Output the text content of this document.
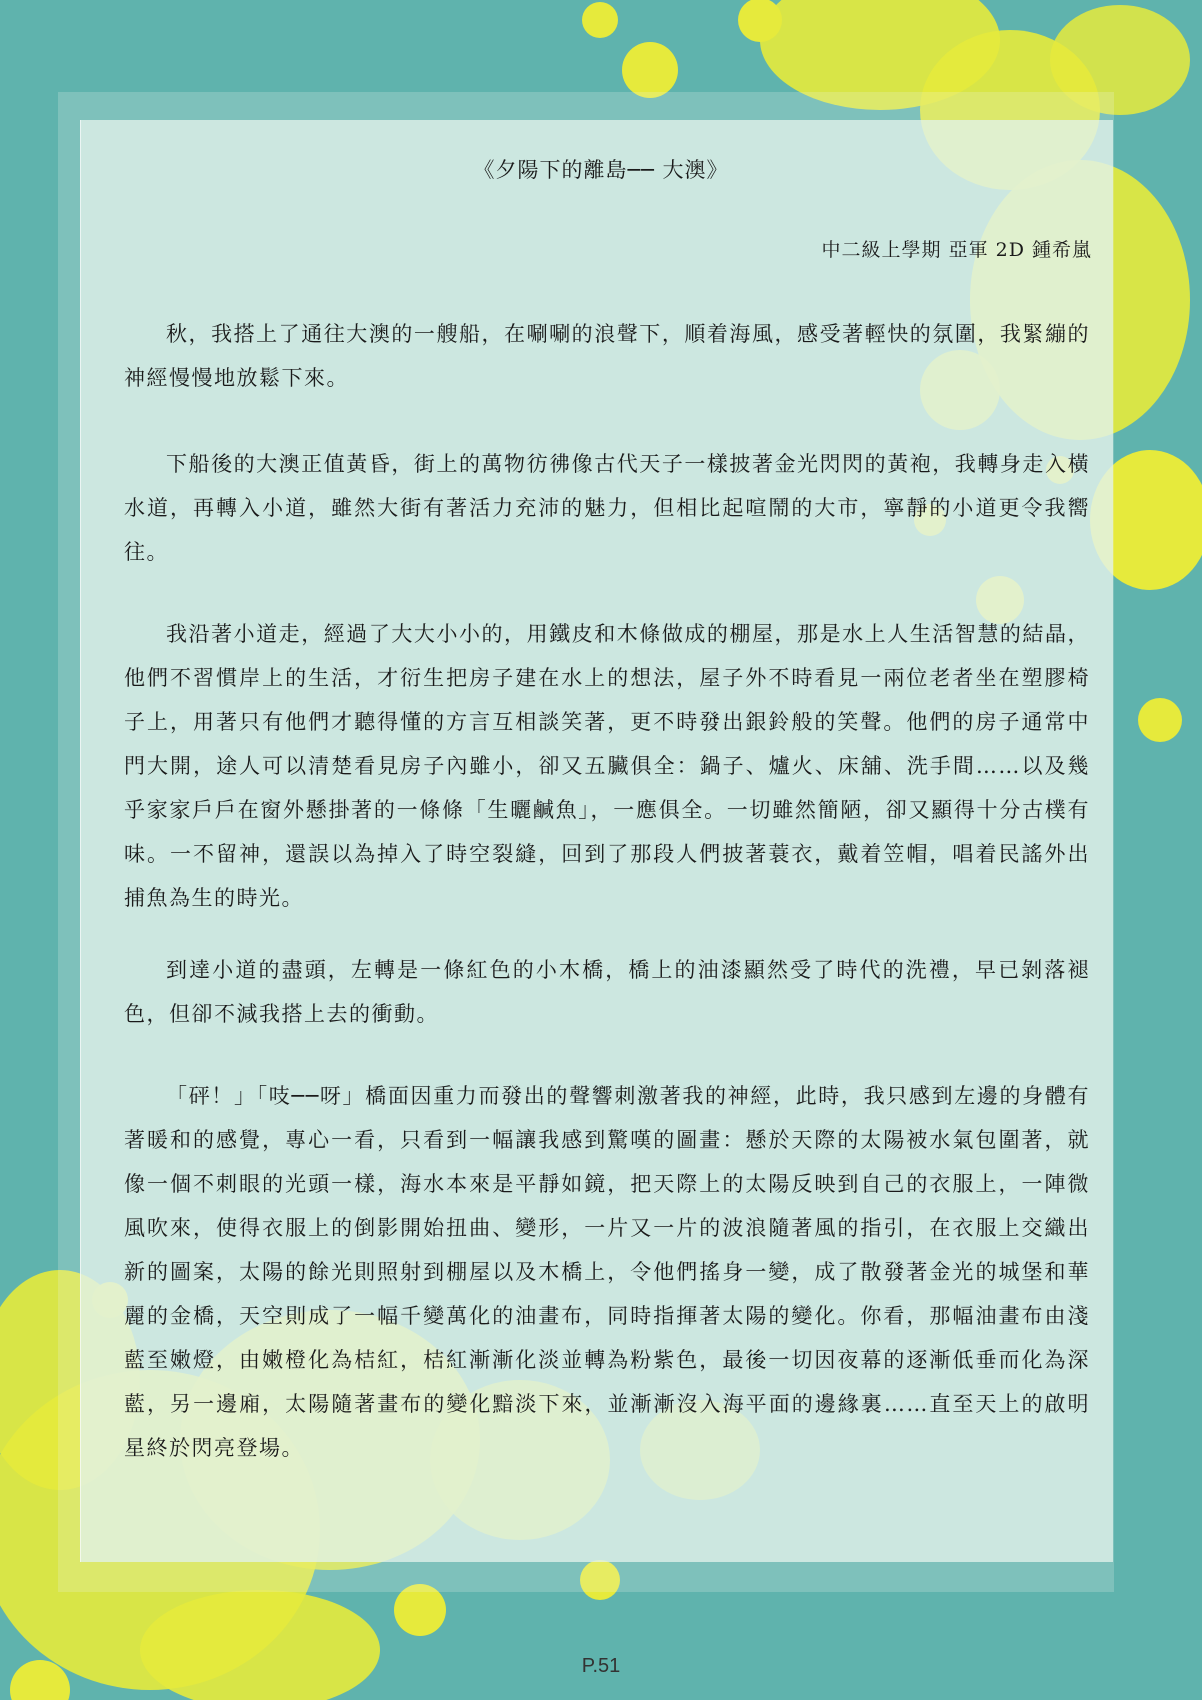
《夕陽下的離島── 大澳》
中二級上學期 亞軍 2D 鍾希嵐

秋，我搭上了通往大澳的一艘船，在唰唰的浪聲下，順着海風，感受著輕快的氛圍，我緊繃的神經慢慢地放鬆下來。

下船後的大澳正值黃昏，街上的萬物彷彿像古代天子一樣披著金光閃閃的黃袍，我轉身走入橫水道，再轉入小道，雖然大街有著活力充沛的魅力，但相比起喧鬧的大市，寧靜的小道更令我嚮往。

我沿著小道走，經過了大大小小的，用鐵皮和木條做成的棚屋，那是水上人生活智慧的結晶，他們不習慣岸上的生活，才衍生把房子建在水上的想法，屋子外不時看見一兩位老者坐在塑膠椅子上，用著只有他們才聽得懂的方言互相談笑著，更不時發出銀鈴般的笑聲。他們的房子通常中門大開，途人可以清楚看見房子內雖小，卻又五臟俱全：鍋子、爐火、床舖、洗手間……以及幾乎家家戶戶在窗外懸掛著的一條條「生曬鹹魚」，一應俱全。一切雖然簡陋，卻又顯得十分古樸有味。一不留神，還誤以為掉入了時空裂縫，回到了那段人們披著蓑衣，戴着笠帽，唱着民謠外出捕魚為生的時光。

到達小道的盡頭，左轉是一條紅色的小木橋，橋上的油漆顯然受了時代的洗禮，早已剝落褪色，但卻不減我搭上去的衝動。

「砰！」「吱──呀」橋面因重力而發出的聲響刺激著我的神經，此時，我只感到左邊的身體有著暖和的感覺，專心一看，只看到一幅讓我感到驚嘆的圖畫：懸於天際的太陽被水氣包圍著，就像一個不刺眼的光頭一樣，海水本來是平靜如鏡，把天際上的太陽反映到自己的衣服上，一陣微風吹來，使得衣服上的倒影開始扭曲、變形，一片又一片的波浪隨著風的指引，在衣服上交織出新的圖案，太陽的餘光則照射到棚屋以及木橋上，令他們搖身一變，成了散發著金光的城堡和華麗的金橋，天空則成了一幅千變萬化的油畫布，同時指揮著太陽的變化。你看，那幅油畫布由淺藍至嫩燈，由嫩橙化為桔紅，桔紅漸漸化淡並轉為粉紫色，最後一切因夜幕的逐漸低垂而化為深藍，另一邊廂，太陽隨著畫布的變化黯淡下來，並漸漸沒入海平面的邊緣裏……直至天上的啟明星終於閃亮登場。

P.51
